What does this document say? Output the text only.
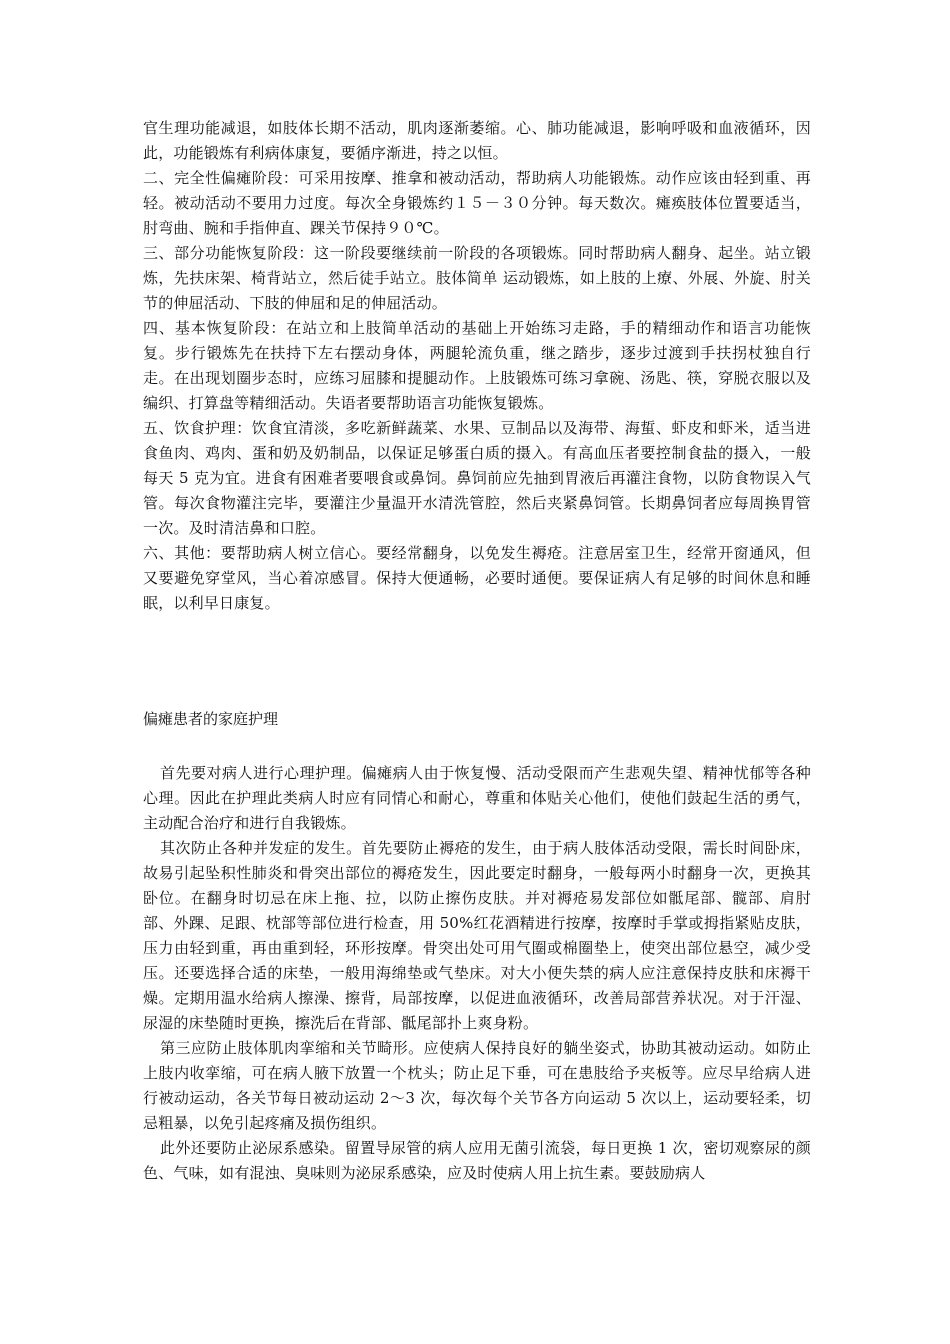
官生理功能减退，如肢体长期不活动，肌肉逐渐萎缩。心、肺功能减退，影响呼吸和血液循环，因此，功能锻炼有利病体康复，要循序渐进，持之以恒。

二、完全性偏瘫阶段：可采用按摩、推拿和被动活动，帮助病人功能锻炼。动作应该由轻到重、再轻。被动活动不要用力过度。每次全身锻炼约１５－３０分钟。每天数次。瘫痪肢体位置要适当，肘弯曲、腕和手指伸直、踝关节保持９０℃。

三、部分功能恢复阶段：这一阶段要继续前一阶段的各项锻炼。同时帮助病人翻身、起坐。站立锻炼，先扶床架、椅背站立，然后徒手站立。肢体简单 运动锻炼，如上肢的上療、外展、外旋、肘关节的伸屈活动、下肢的伸屈和足的伸屈活动。

四、基本恢复阶段：在站立和上肢简单活动的基础上开始练习走路，手的精细动作和语言功能恢复。步行锻炼先在扶持下左右摆动身体，两腿轮流负重，继之踏步，逐步过渡到手扶拐杖独自行走。在出现划圈步态时，应练习屈膝和提腿动作。上肢锻炼可练习拿碗、汤匙、筷，穿脱衣服以及编织、打算盘等精细活动。失语者要帮助语言功能恢复锻炼。

五、饮食护理：饮食宜清淡，多吃新鲜蔬菜、水果、豆制品以及海带、海蜇、虾皮和虾米，适当进食鱼肉、鸡肉、蛋和奶及奶制品，以保证足够蛋白质的摄入。有高血压者要控制食盐的摄入，一般每天 5 克为宜。进食有困难者要喂食或鼻饲。鼻饲前应先抽到胃液后再灌注食物，以防食物误入气管。每次食物灌注完毕，要灌注少量温开水清洗管腔，然后夹紧鼻饲管。长期鼻饲者应每周换胃管一次。及时清洁鼻和口腔。

六、其他：要帮助病人树立信心。要经常翻身，以免发生褥疮。注意居室卫生，经常开窗通风，但又要避免穿堂风，当心着凉感冒。保持大便通畅，必要时通便。要保证病人有足够的时间休息和睡眠，以利早日康复。

偏瘫患者的家庭护理

首先要对病人进行心理护理。偏瘫病人由于恢复慢、活动受限而产生悲观失望、精神忧郁等各种心理。因此在护理此类病人时应有同情心和耐心，尊重和体贴关心他们，使他们鼓起生活的勇气，主动配合治疗和进行自我锻炼。

其次防止各种并发症的发生。首先要防止褥疮的发生，由于病人肢体活动受限，需长时间卧床，故易引起坠积性肺炎和骨突出部位的褥疮发生，因此要定时翻身，一般每两小时翻身一次，更换其卧位。在翻身时切忌在床上拖、拉，以防止擦伤皮肤。并对褥疮易发部位如骶尾部、髋部、肩肘部、外踝、足跟、枕部等部位进行检查，用 50%红花酒精进行按摩，按摩时手掌或拇指紧贴皮肤，压力由轻到重，再由重到轻，环形按摩。骨突出处可用气圈或棉圈垫上，使突出部位悬空，减少受压。还要选择合适的床垫，一般用海绵垫或气垫床。对大小便失禁的病人应注意保持皮肤和床褥干燥。定期用温水给病人擦澡、擦背，局部按摩，以促进血液循环，改善局部营养状况。对于汗湿、尿湿的床垫随时更换，擦洗后在背部、骶尾部扑上爽身粉。

第三应防止肢体肌肉挛缩和关节畸形。应使病人保持良好的躺坐姿式，协助其被动运动。如防止上肢内收挛缩，可在病人腋下放置一个枕头；防止足下垂，可在患肢给予夹板等。应尽早给病人进行被动运动，各关节每日被动运动 2～3 次，每次每个关节各方向运动 5 次以上，运动要轻柔，切忌粗暴，以免引起疼痛及损伤组织。

此外还要防止泌尿系感染。留置导尿管的病人应用无菌引流袋，每日更换 1 次，密切观察尿的颜色、气味，如有混浊、臭味则为泌尿系感染，应及时使病人用上抗生素。要鼓励病人
